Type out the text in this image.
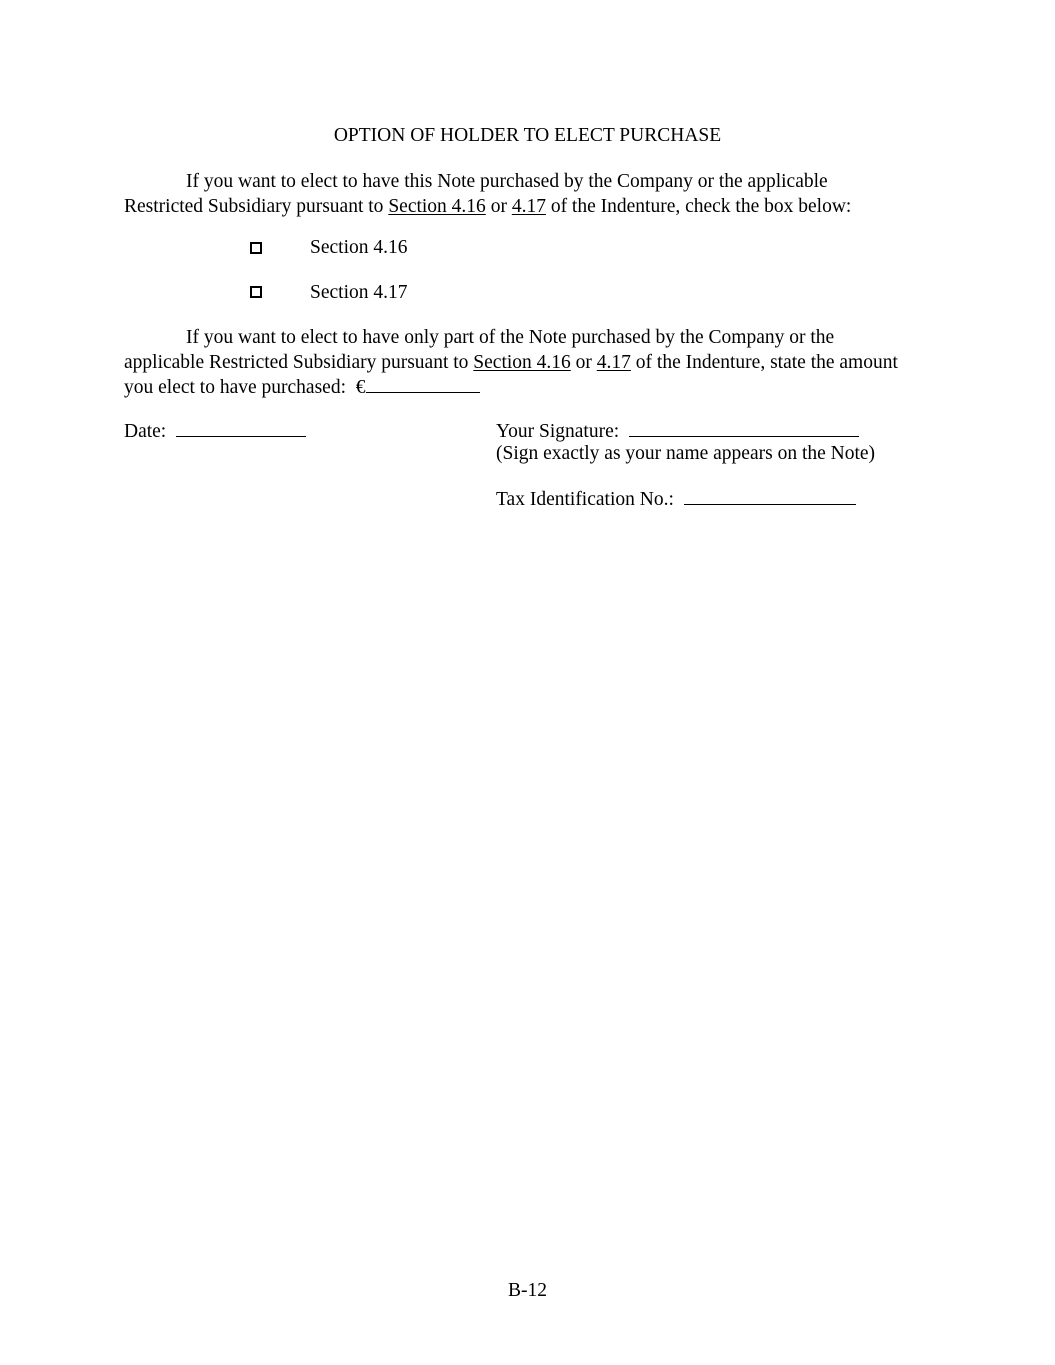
OPTION OF HOLDER TO ELECT PURCHASE
If you want to elect to have this Note purchased by the Company or the applicable Restricted Subsidiary pursuant to Section 4.16 or 4.17 of the Indenture, check the box below:
Section 4.16
Section 4.17
If you want to elect to have only part of the Note purchased by the Company or the applicable Restricted Subsidiary pursuant to Section 4.16 or 4.17 of the Indenture, state the amount you elect to have purchased: €
Date:	Your Signature:
(Sign exactly as your name appears on the Note)
Tax Identification No.:
B-12
